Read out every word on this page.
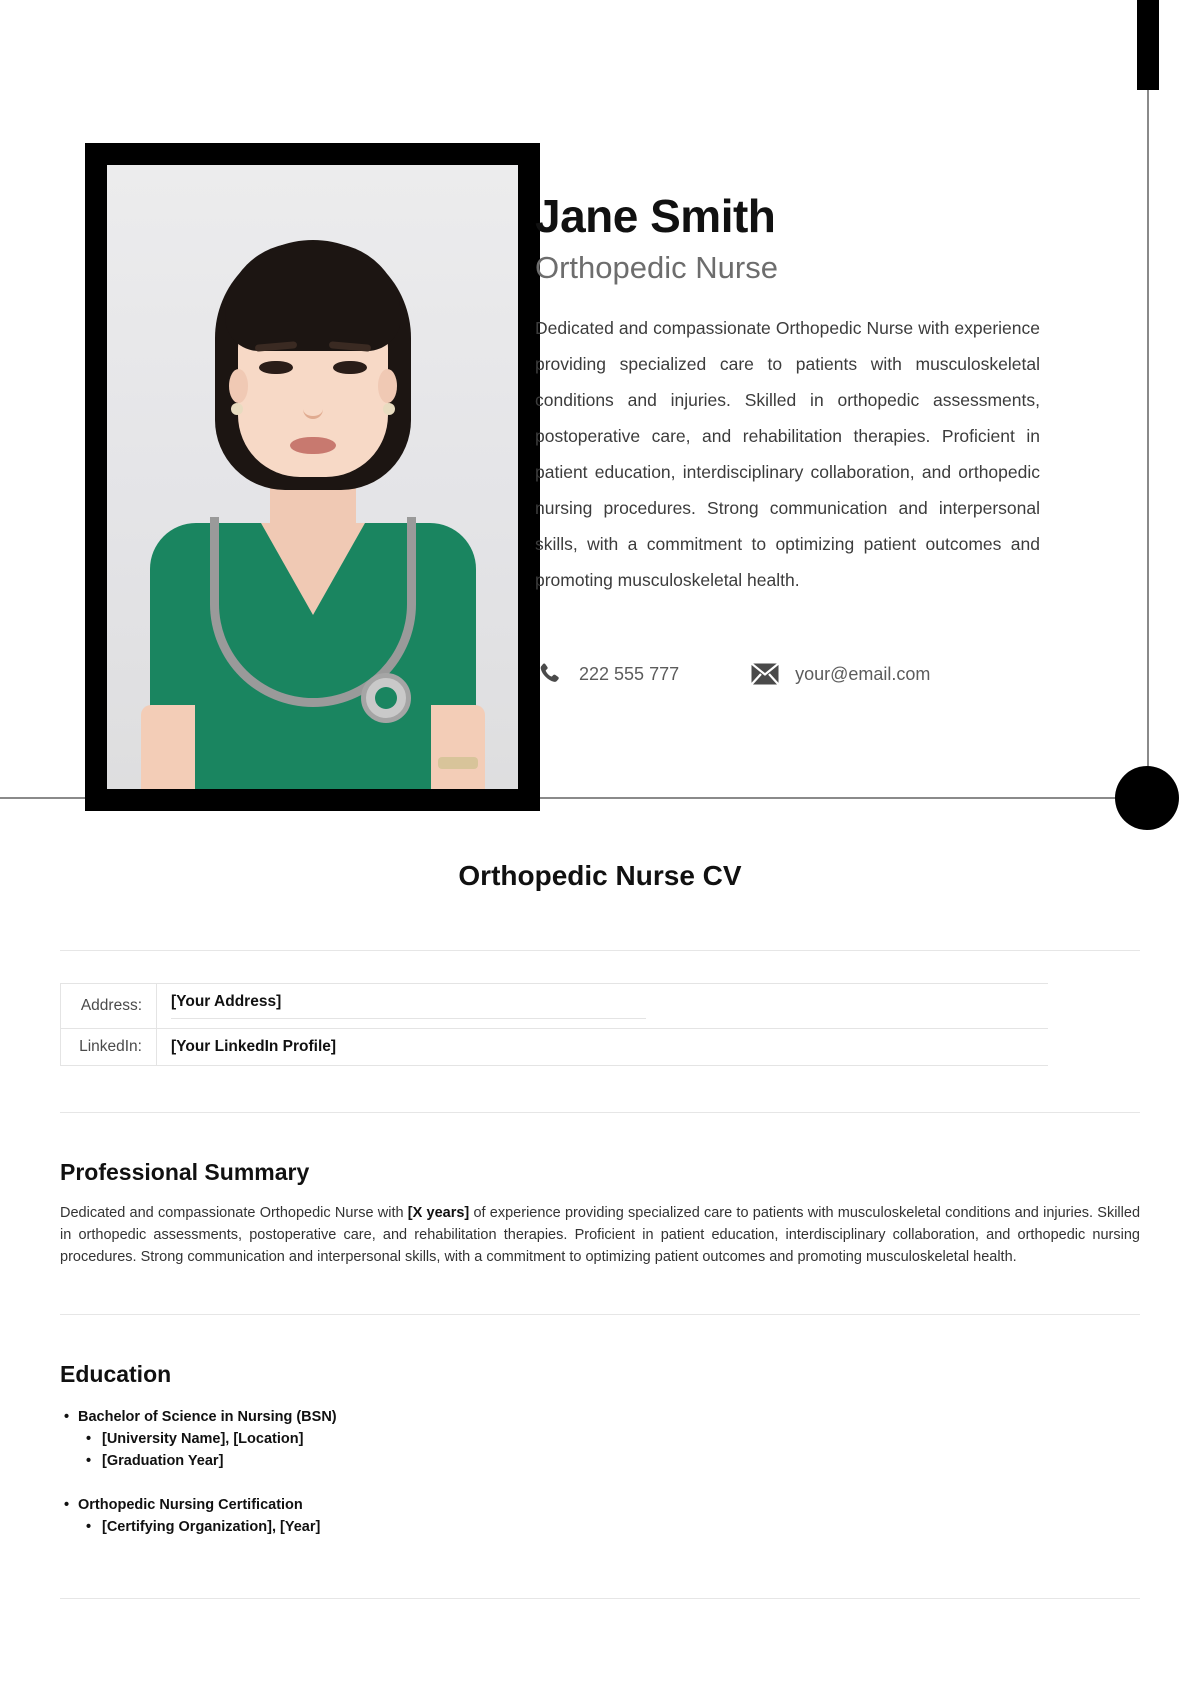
Jane Smith
Orthopedic Nurse
Dedicated and compassionate Orthopedic Nurse with experience providing specialized care to patients with musculoskeletal conditions and injuries. Skilled in orthopedic assessments, postoperative care, and rehabilitation therapies. Proficient in patient education, interdisciplinary collaboration, and orthopedic nursing procedures. Strong communication and interpersonal skills, with a commitment to optimizing patient outcomes and promoting musculoskeletal health.
222 555 777	your@email.com
Orthopedic Nurse CV
Address:	[Your Address]
LinkedIn:	[Your LinkedIn Profile]
Professional Summary

Dedicated and compassionate Orthopedic Nurse with [X years] of experience providing specialized care to patients with musculoskeletal conditions and injuries. Skilled in orthopedic assessments, postoperative care, and rehabilitation therapies. Proficient in patient education, interdisciplinary collaboration, and orthopedic nursing procedures. Strong communication and interpersonal skills, with a commitment to optimizing patient outcomes and promoting musculoskeletal health.

Education
• Bachelor of Science in Nursing (BSN)
• [University Name], [Location]
• [Graduation Year]
• Orthopedic Nursing Certification
• [Certifying Organization], [Year]
